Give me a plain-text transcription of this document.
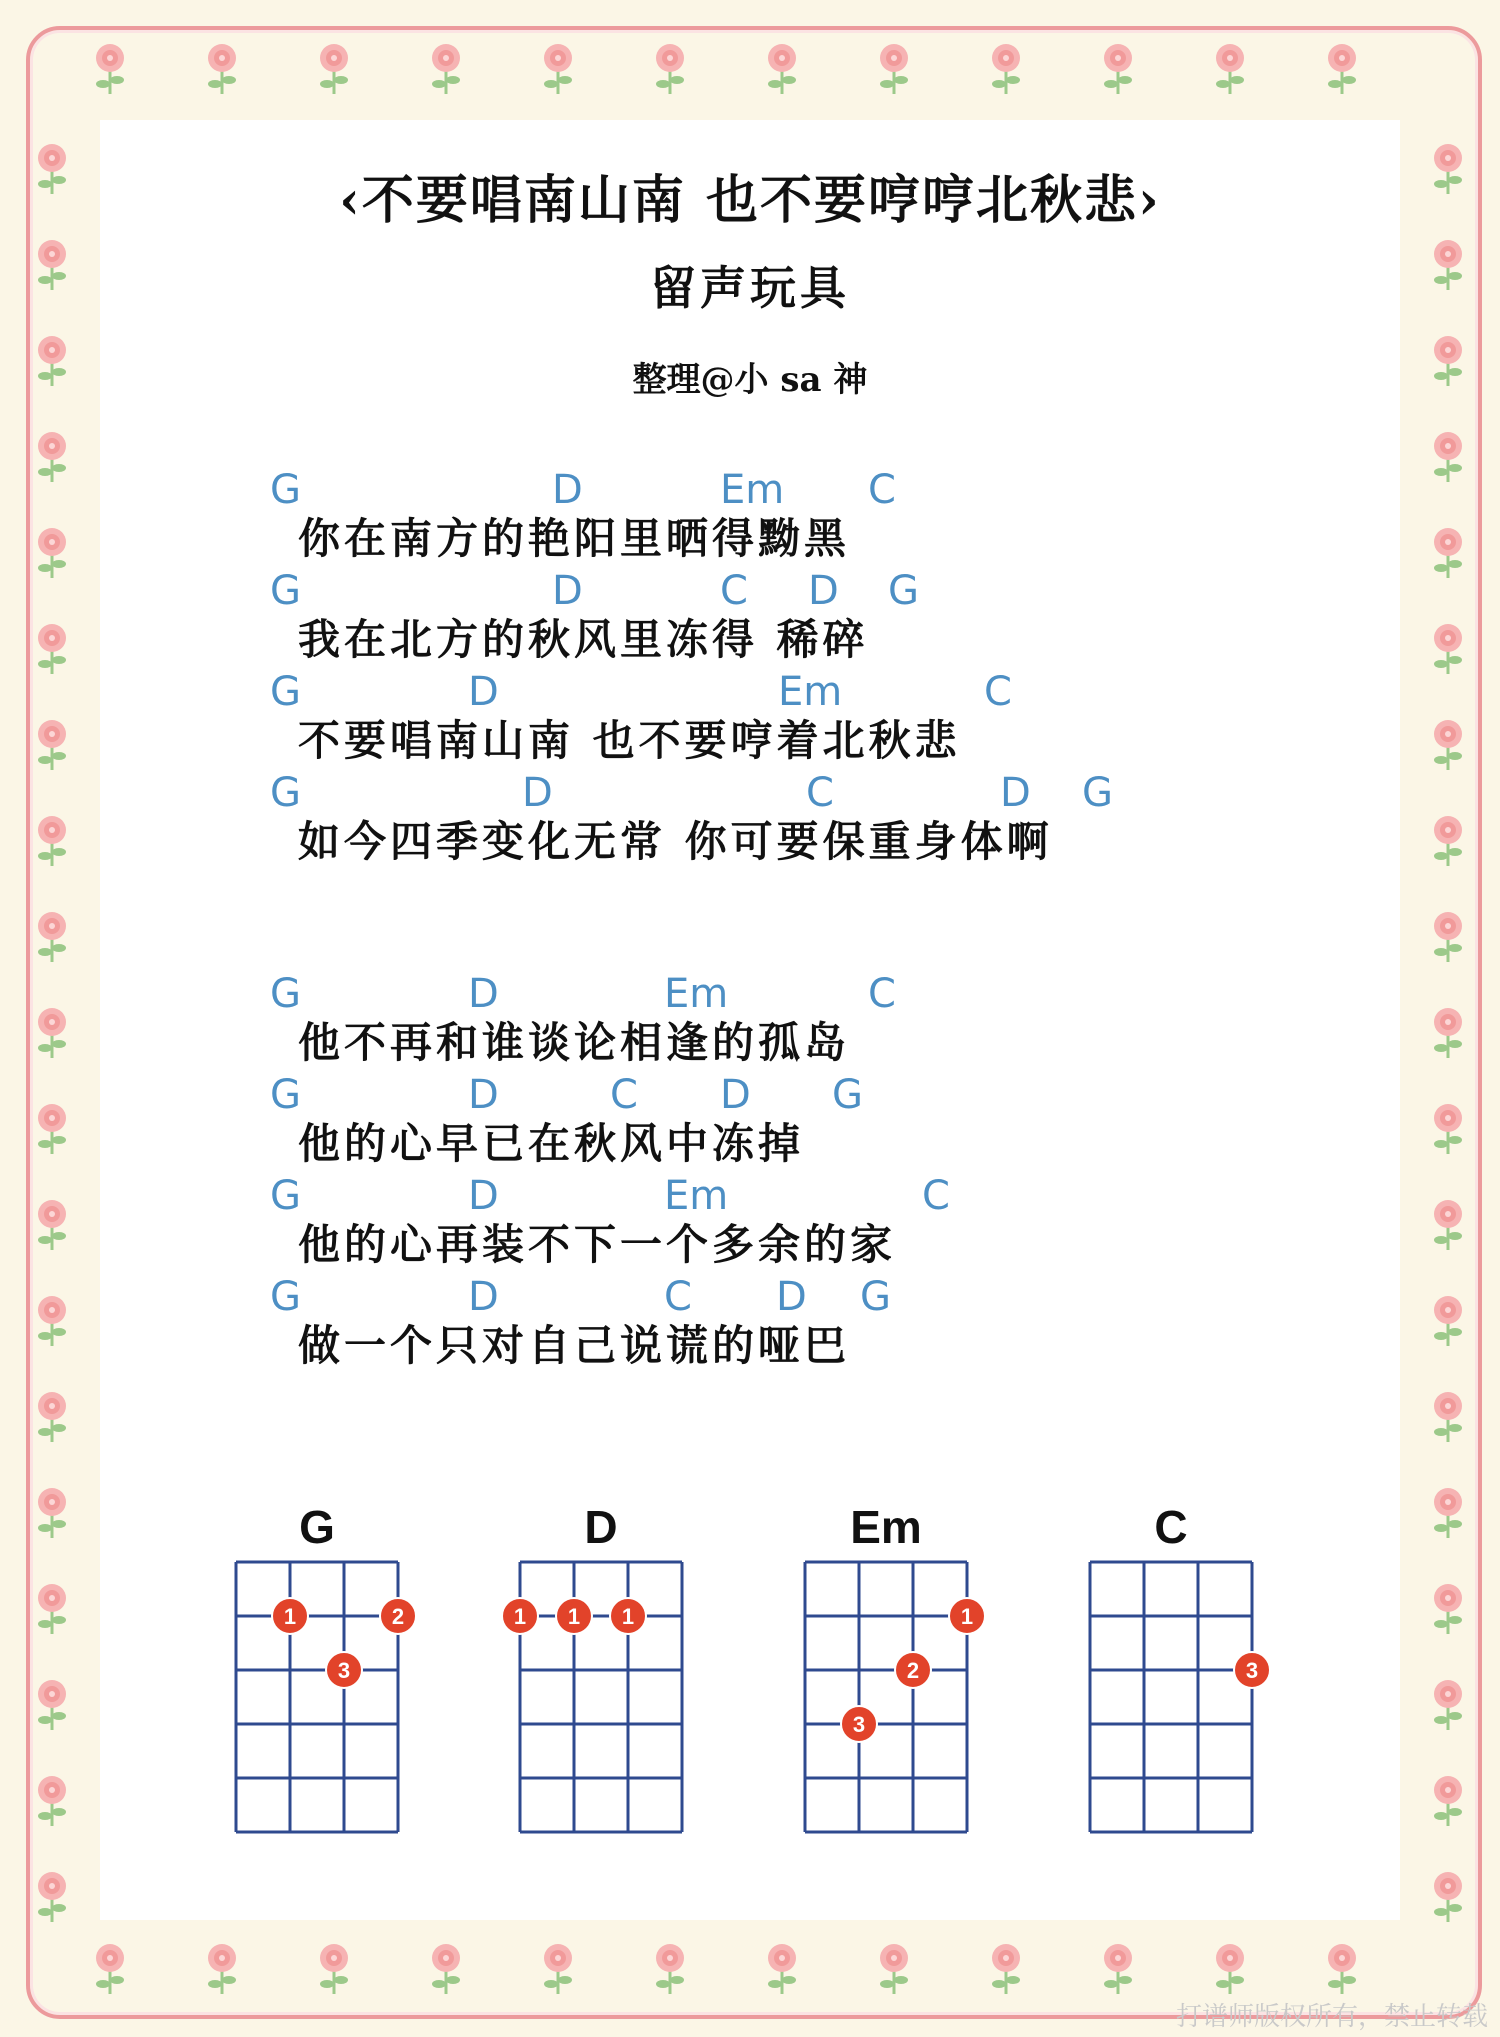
‹不要唱南山南 也不要哼哼北秋悲›
留声玩具
整理@小 sa 神
G	D	Em C
你在南方的艳阳里晒得黝黑
G	D	C D G
我在北方的秋风里冻得 稀碎
G	D	Em	C
不要唱南山南 也不要哼着北秋悲
G	D	C	D G
如今四季变化无常 你可要保重身体啊
G	D	Em	C
他不再和谁谈论相逢的孤岛
G	D	C D G
他的心早已在秋风中冻掉
G	D	Em	C
他的心再装不下一个多余的家
G	D	C D G
做一个只对自己说谎的哑巴
G
1	2
3
D
1 1 1
Em
1
2
3
C
3
打谱师版权所有，禁止转载
